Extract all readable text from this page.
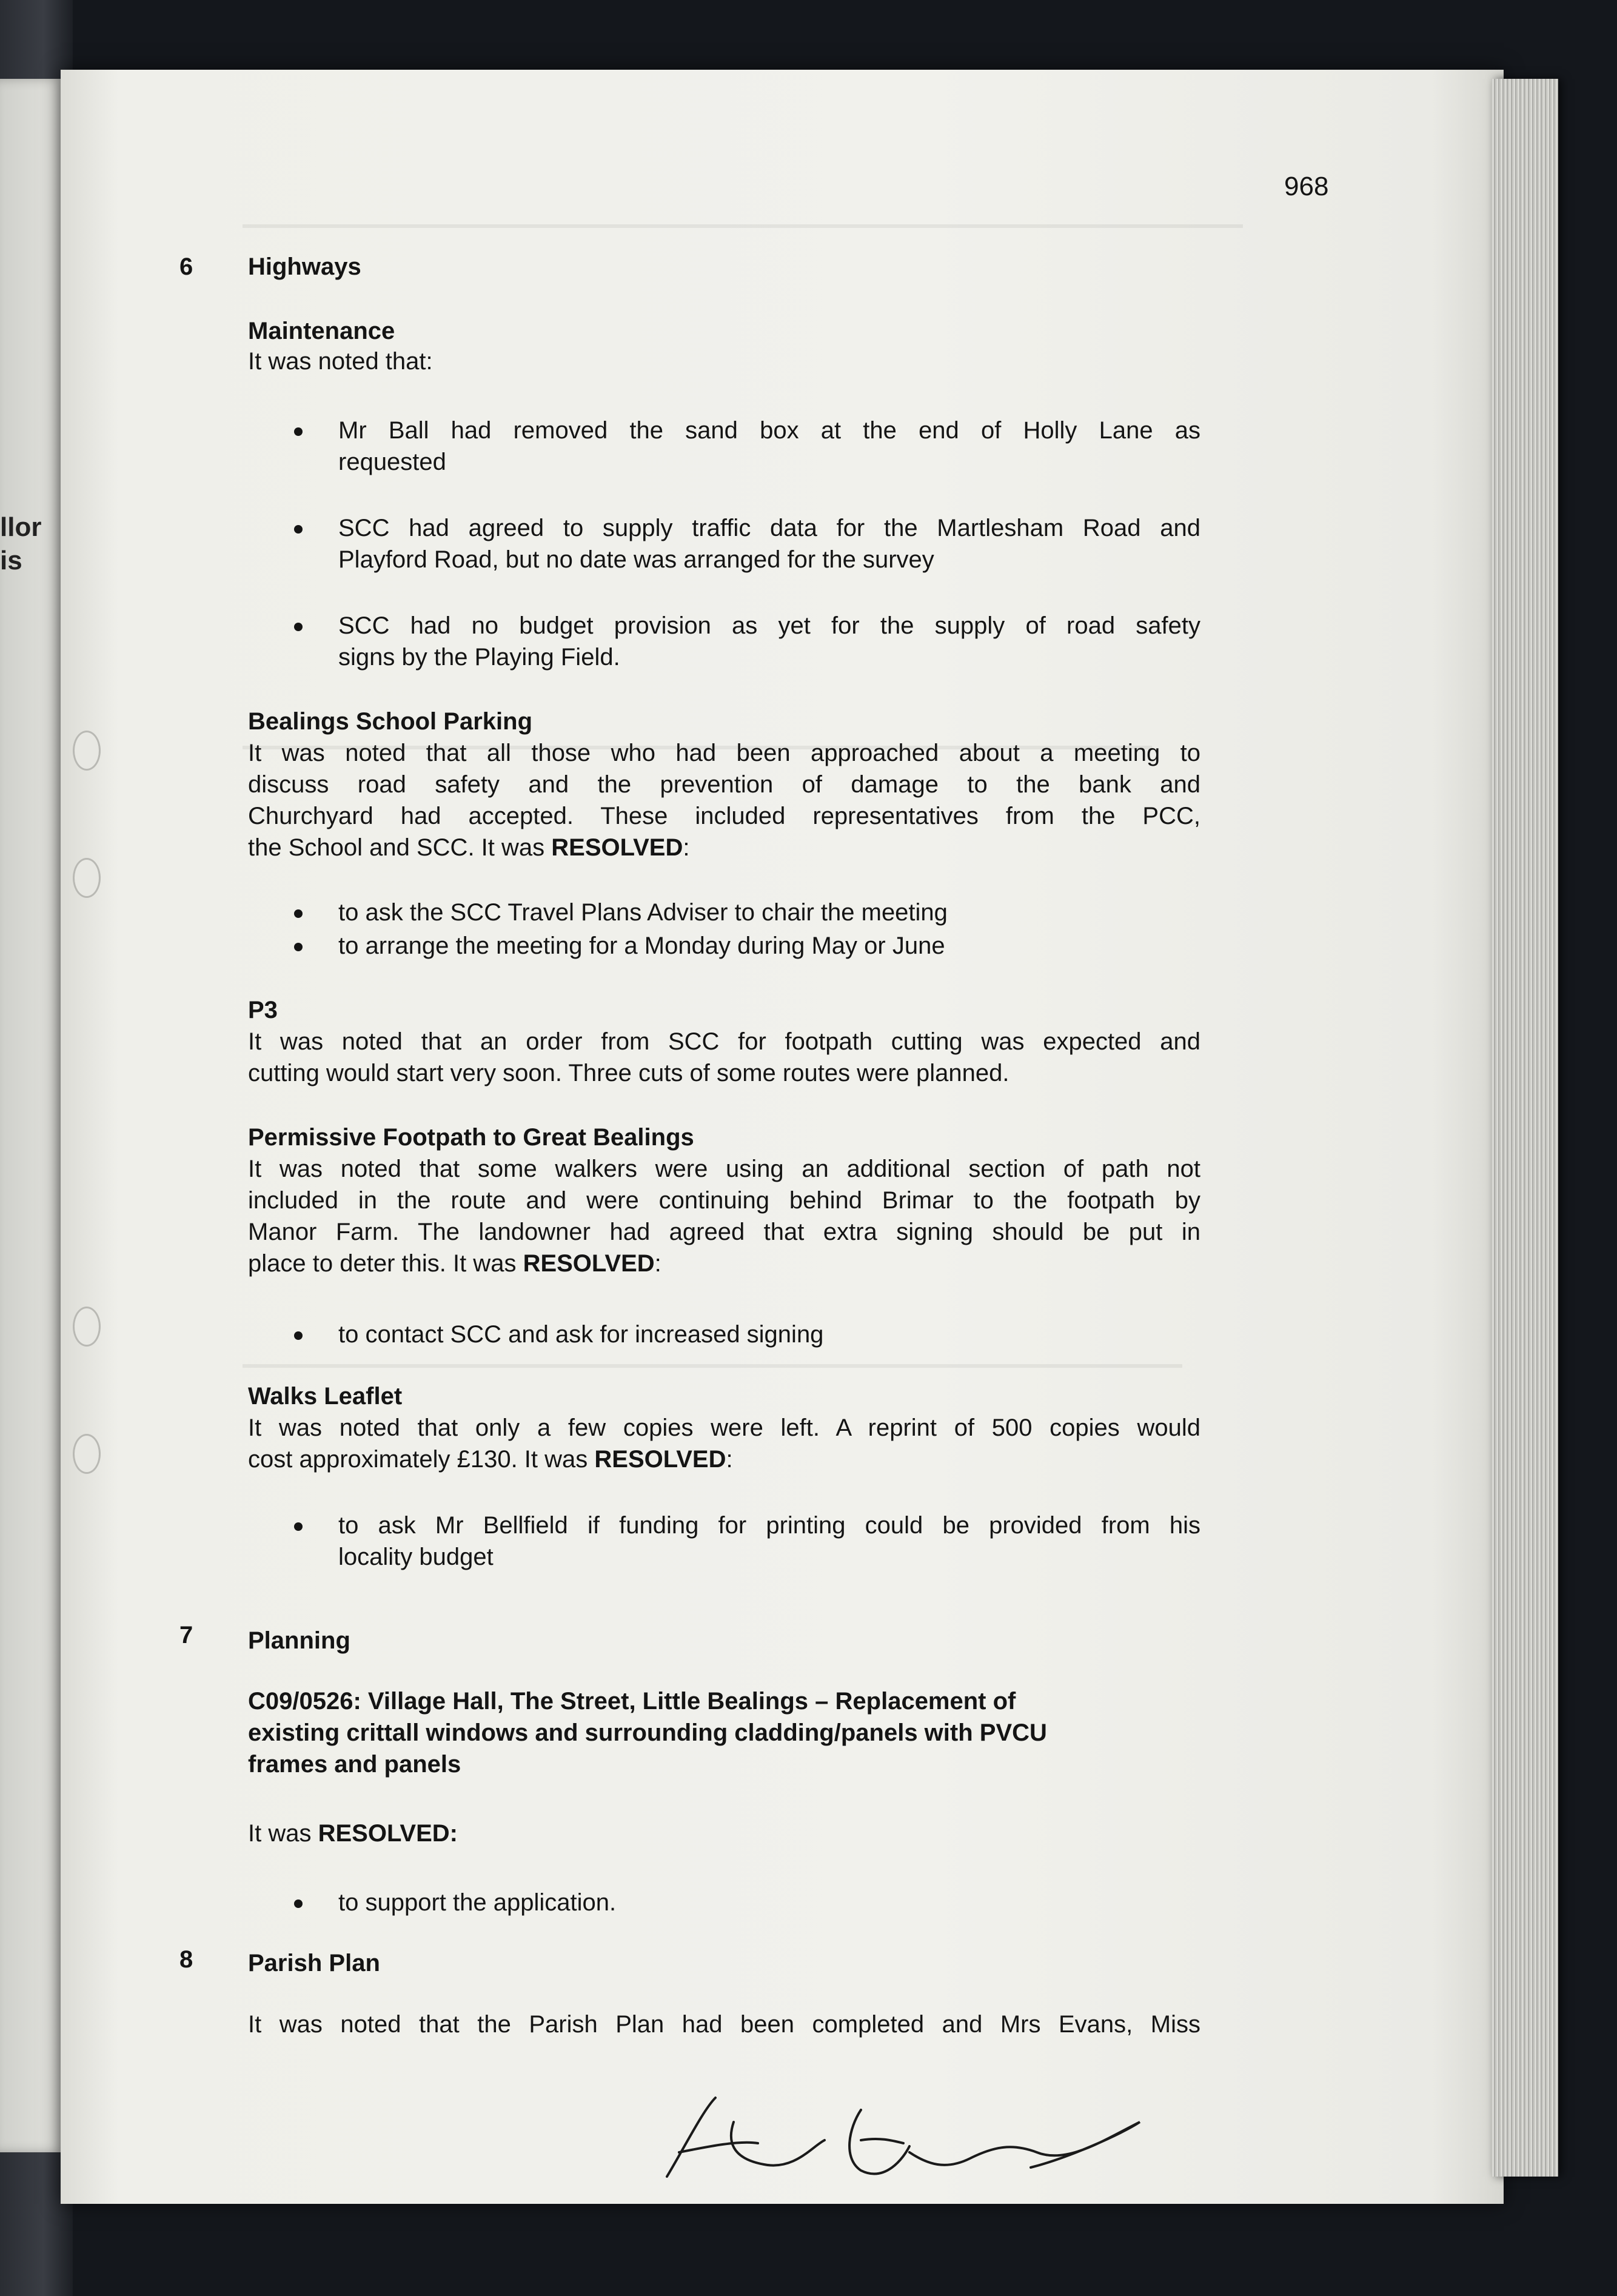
llor
is
968
6 Highways
Maintenance
It was noted that:
Mr Ball had removed the sand box at the end of Holly Lane as
requested
SCC had agreed to supply traffic data for the Martlesham Road and
Playford Road, but no date was arranged for the survey
SCC had no budget provision as yet for the supply of road safety
signs by the Playing Field.
Bealings School Parking
It was noted that all those who had been approached about a meeting to
discuss road safety and the prevention of damage to the bank and
Churchyard had accepted. These included representatives from the PCC,
the School and SCC. It was RESOLVED:
to ask the SCC Travel Plans Adviser to chair the meeting
to arrange the meeting for a Monday during May or June
P3
It was noted that an order from SCC for footpath cutting was expected and
cutting would start very soon. Three cuts of some routes were planned.
Permissive Footpath to Great Bealings
It was noted that some walkers were using an additional section of path not
included in the route and were continuing behind Brimar to the footpath by
Manor Farm. The landowner had agreed that extra signing should be put in
place to deter this. It was RESOLVED:
to contact SCC and ask for increased signing
Walks Leaflet
It was noted that only a few copies were left. A reprint of 500 copies would
cost approximately £130. It was RESOLVED:
to ask Mr Bellfield if funding for printing could be provided from his
locality budget
7 Planning
C09/0526: Village Hall, The Street, Little Bealings – Replacement of
existing crittall windows and surrounding cladding/panels with PVCU
frames and panels
It was RESOLVED:
to support the application.
8 Parish Plan
It was noted that the Parish Plan had been completed and Mrs Evans, Miss
